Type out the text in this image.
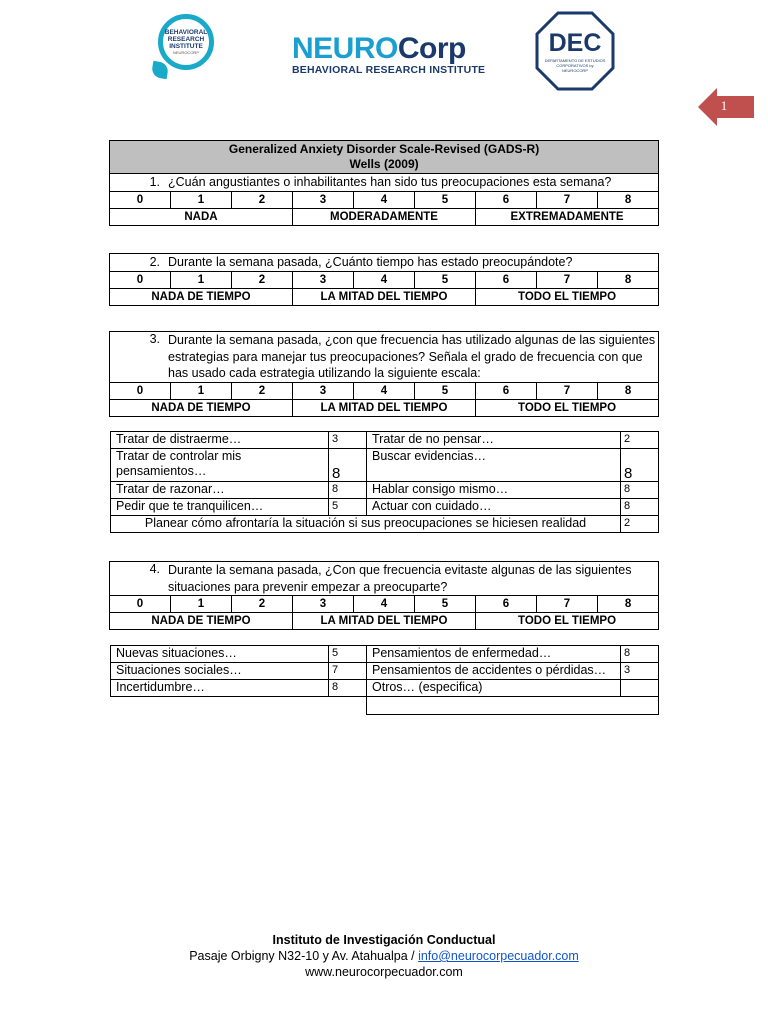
BEHAVIORAL
RESEARCH
INSTITUTE
NEUROCORP	NEUROCorp
BEHAVIORAL RESEARCH INSTITUTE
DEC
DEPARTAMENTO DE ESTUDIOS CORPORATIVOS by NEUROCORP
1
Generalized Anxiety Disorder Scale-Revised (GADS-R)
Wells (2009)								

1. ¿Cuán angustiantes o inhabilitantes han sido tus preocupaciones esta semana?								
0	1	2	3	4	5	6	7	8
NADA			MODERADAMENTE			EXTREMADAMENTE		
2. Durante la semana pasada, ¿Cuánto tiempo has estado preocupándote?								
0	1	2	3	4	5	6	7	8
NADA DE TIEMPO			LA MITAD DEL TIEMPO			TODO EL TIEMPO		
3. Durante la semana pasada, ¿con que frecuencia has utilizado algunas de las siguientes estrategias para manejar tus preocupaciones? Señala el grado de frecuencia con que has usado cada estrategia utilizando la siguiente escala:								

0	1	2	3	4	5	6	7	8
NADA DE TIEMPO			LA MITAD DEL TIEMPO			TODO EL TIEMPO		
Tratar de distraerme…	3	Tratar de no pensar…	2
Tratar de controlar mis pensamientos…	8	Buscar evidencias…	8
Tratar de razonar…	8	Hablar consigo mismo…	8
Pedir que te tranquilicen…	5	Actuar con cuidado…	8
Planear cómo afrontaría la situación si sus preocupaciones se hiciesen realidad			2
4. Durante la semana pasada, ¿Con que frecuencia evitaste algunas de las siguientes situaciones para prevenir empezar a preocuparte?								

0	1	2	3	4	5	6	7	8
NADA DE TIEMPO			LA MITAD DEL TIEMPO			TODO EL TIEMPO		
Nuevas situaciones…	5	Pensamientos de enfermedad…	8
Situaciones sociales…	7	Pensamientos de accidentes o pérdidas…	3
Incertidumbre…	8	Otros… (especifica)	

Instituto de Investigación Conductual
Pasaje Orbigny N32-10 y Av. Atahualpa / info@neurocorpecuador.com
www.neurocorpecuador.com
